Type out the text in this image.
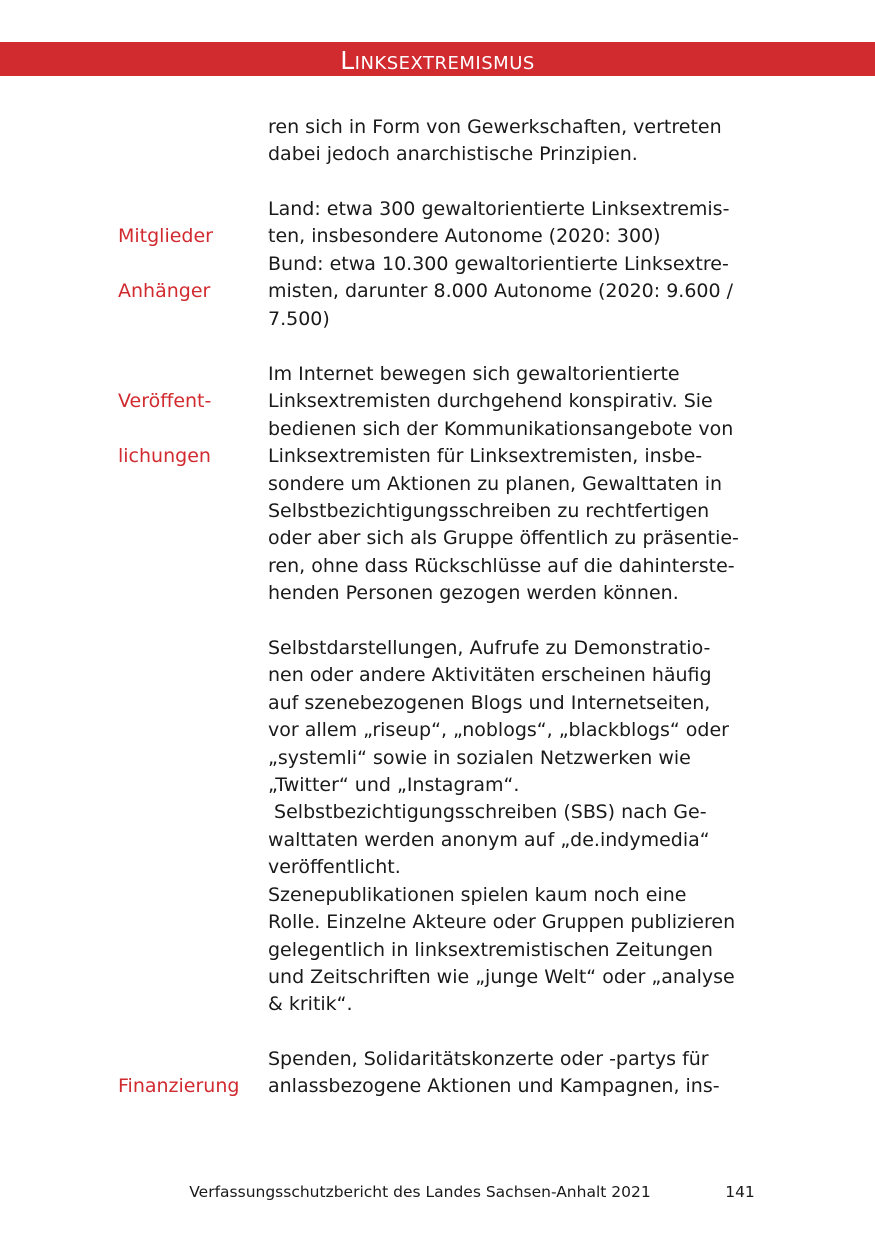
Linksextremismus
ren sich in Form von Gewerkschaften, vertreten
dabei jedoch anarchistische Prinzipien.

Mitglieder

Anhänger

Land: etwa 300 gewaltorientierte Linksextremis-
ten, insbesondere Autonome (2020: 300)
Bund: etwa 10.300 gewaltorientierte Linksextre-
misten, darunter 8.000 Autonome (2020: 9.600 /
7.500)

Veröffent-

lichungen

Im Internet bewegen sich gewaltorientierte
Linksextremisten durchgehend konspirativ. Sie
bedienen sich der Kommunikationsangebote von
Linksextremisten für Linksextremisten, insbe-
sondere um Aktionen zu planen, Gewalttaten in
Selbstbezichtigungsschreiben zu rechtfertigen
oder aber sich als Gruppe öffentlich zu präsentie-
ren, ohne dass Rückschlüsse auf die dahinterste-
henden Personen gezogen werden können.
Selbstdarstellungen, Aufrufe zu Demonstratio-
nen oder andere Aktivitäten erscheinen häufig
auf szenebezogenen Blogs und Internetseiten,
vor allem „riseup“, „noblogs“, „blackblogs“ oder
„systemli“ sowie in sozialen Netzwerken wie
„Twitter“ und „Instagram“.
Selbstbezichtigungsschreiben (SBS) nach Ge-
walttaten werden anonym auf „de.indymedia“
veröffentlicht.
Szenepublikationen spielen kaum noch eine
Rolle. Einzelne Akteure oder Gruppen publizieren
gelegentlich in linksextremistischen Zeitungen
und Zeitschriften wie „junge Welt“ oder „analyse
& kritik“.

Finanzierung

Spenden, Solidaritätskonzerte oder -partys für
anlassbezogene Aktionen und Kampagnen, ins-
Verfassungsschutzbericht des Landes Sachsen-Anhalt 2021	141
